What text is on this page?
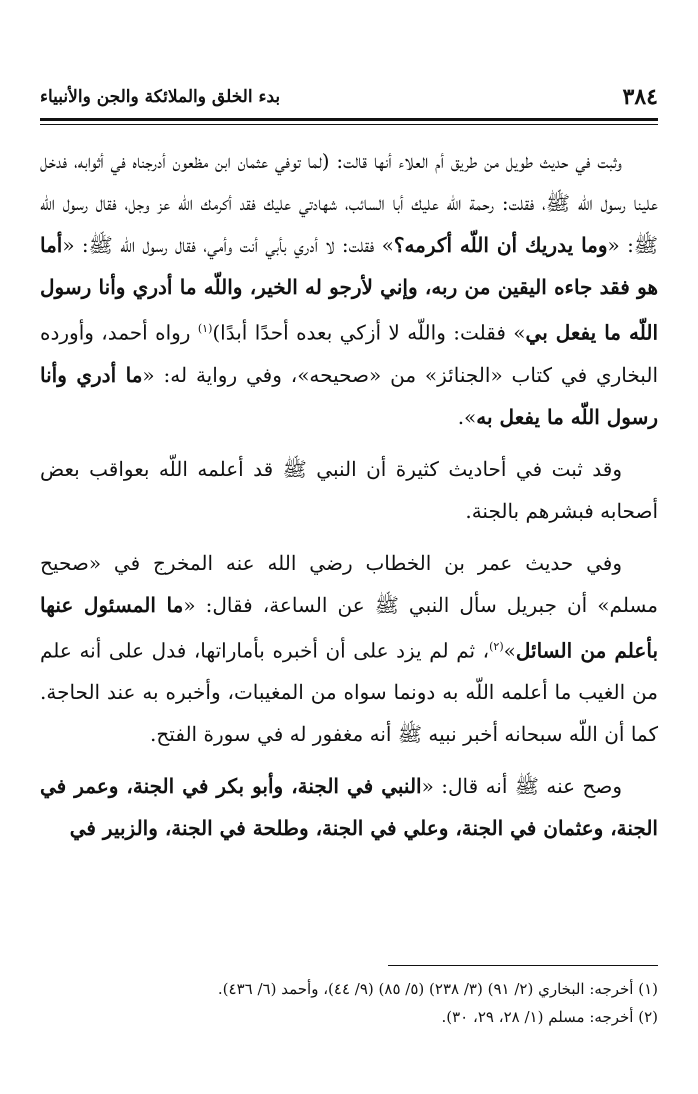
٣٨٤
بدء الخلق والملائكة والجن والأنبياء

وثبت في حديث طويل من طريق أم العلاء أنها قالت: (لما توفي عثمان ابن مظعون أدرجناه في أثوابه، فدخل علينا رسول اللّه ﷺ، فقلت: رحمة اللّه عليك أبا السائب، شهادتي عليك فقد أكرمك اللّه عز وجل، فقال رسول اللّه ﷺ: «وما يدريك أن اللّه أكرمه؟» فقلت: لا أدري بأبي أنت وأمي، فقال رسول اللّه ﷺ: «أما هو فقد جاءه اليقين من ربه، وإني لأرجو له الخير، واللّه ما أدري وأنا رسول اللّه ما يفعل بي» فقلت: واللّه لا أزكي بعده أحدًا أبدًا)$^{(١)}$ رواه أحمد، وأورده البخاري في كتاب «الجنائز» من «صحيحه»، وفي رواية له: «ما أدري وأنا رسول اللّه ما يفعل به».

وقد ثبت في أحاديث كثيرة أن النبي ﷺ قد أعلمه اللّه بعواقب بعض أصحابه فبشرهم بالجنة.

وفي حديث عمر بن الخطاب رضي الله عنه المخرج في «صحيح مسلم» أن جبريل سأل النبي ﷺ عن الساعة، فقال: «ما المسئول عنها بأعلم من السائل»$^{(٢)}$، ثم لم يزد على أن أخبره بأماراتها، فدل على أنه علم من الغيب ما أعلمه اللّه به دونما سواه من المغيبات، وأخبره به عند الحاجة. كما أن اللّه سبحانه أخبر نبيه ﷺ أنه مغفور له في سورة الفتح.

وصح عنه ﷺ أنه قال: «النبي في الجنة، وأبو بكر في الجنة، وعمر في الجنة، وعثمان في الجنة، وعلي في الجنة، وطلحة في الجنة، والزبير في

(١) أخرجه: البخاري (٢/ ٩١) (٣/ ٢٣٨) (٥/ ٨٥) (٩/ ٤٤)، وأحمد (٦/ ٤٣٦).
(٢) أخرجه: مسلم (١/ ٢٨، ٢٩، ٣٠).
